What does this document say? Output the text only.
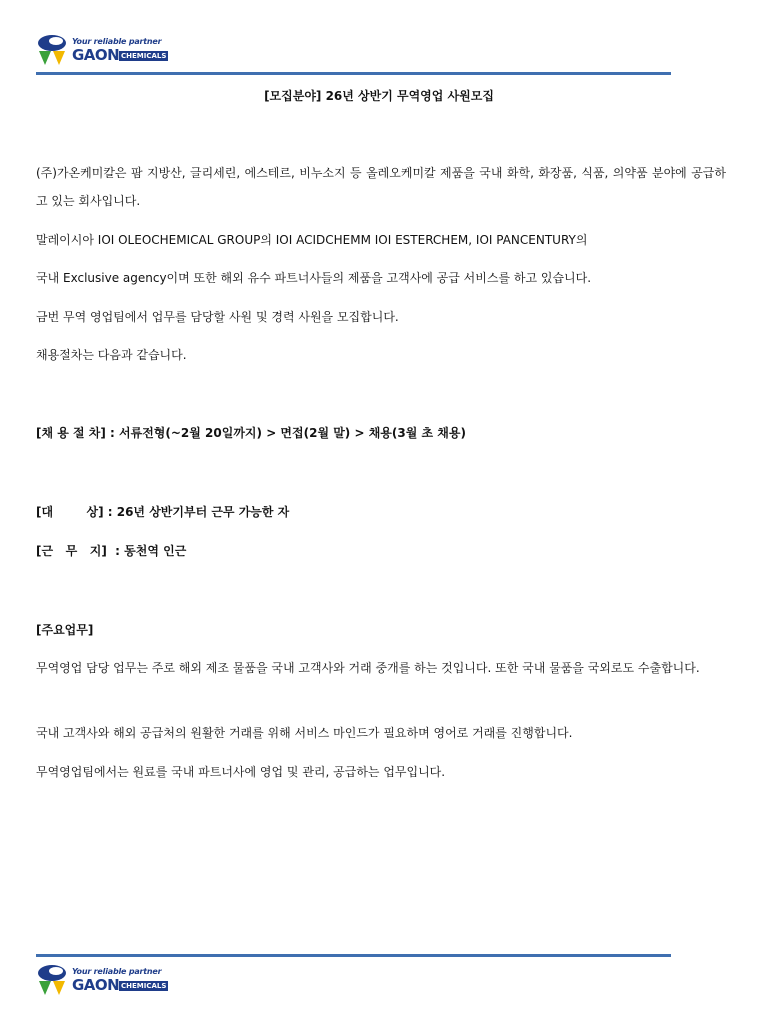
Your reliable partner
GAON CHEMICALS
[모집분야] 26년 상반기 무역영업 사원모집
(주)가온케미칼은 팜 지방산, 글리세린, 에스테르, 비누소지 등 올레오케미칼 제품을 국내 화학, 화장품, 식품, 의약품 분야에 공급하고 있는 회사입니다.
말레이시아 IOI OLEOCHEMICAL GROUP의 IOI ACIDCHEMM IOI ESTERCHEM, IOI PANCENTURY의
국내 Exclusive agency이며 또한 해외 유수 파트너사들의 제품을 고객사에 공급 서비스를 하고 있습니다.
금번 무역 영업팀에서 업무를 담당할 사원 및 경력 사원을 모집합니다.
채용절차는 다음과 같습니다.
[채 용 절 차] : 서류전형(~2월 20일까지) > 면접(2월 말) > 채용(3월 초 채용)
[대        상] : 26년 상반기부터 근무 가능한 자
[근   무   지]  : 동천역 인근
[주요업무]
무역영업 담당 업무는 주로 해외 제조 물품을 국내 고객사와 거래 중개를 하는 것입니다. 또한 국내 물품을 국외로도 수출합니다.
국내 고객사와 해외 공급처의 원활한 거래를 위해 서비스 마인드가 필요하며 영어로 거래를 진행합니다.
무역영업팀에서는 원료를 국내 파트너사에 영업 및 관리, 공급하는 업무입니다.
Your reliable partner
GAON CHEMICALS
